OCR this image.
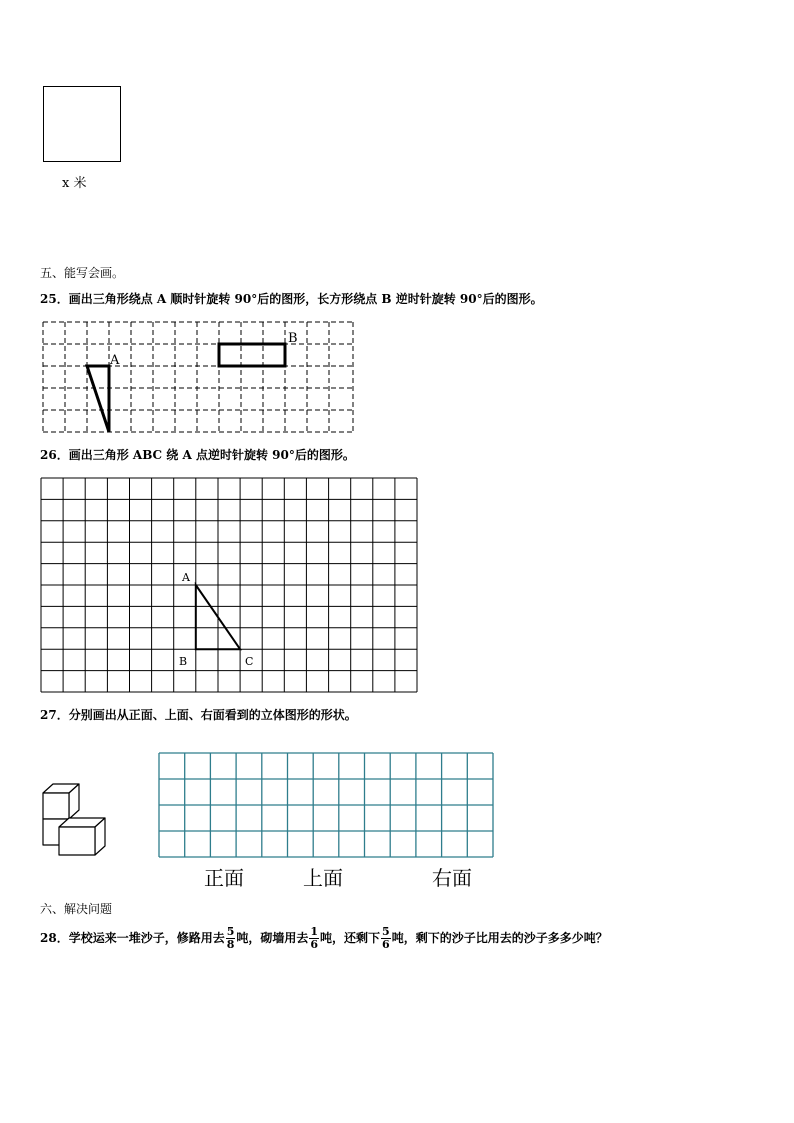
x 米
五、能写会画。
25．画出三角形绕点 A 顺时针旋转 90°后的图形，长方形绕点 B 逆时针旋转 90°后的图形。
A
B
26．画出三角形 ABC 绕 A 点逆时针旋转 90°后的图形。
A
B	C
27．分别画出从正面、上面、右面看到的立体图形的形状。
正面	上面	右面
六、解决问题
28．学校运来一堆沙子，修路用去 $\frac{5}{8}$ 吨，砌墙用去 $\frac{1}{6}$ 吨，还剩下 $\frac{5}{6}$ 吨，剩下的沙子比用去的沙子多多少吨？
